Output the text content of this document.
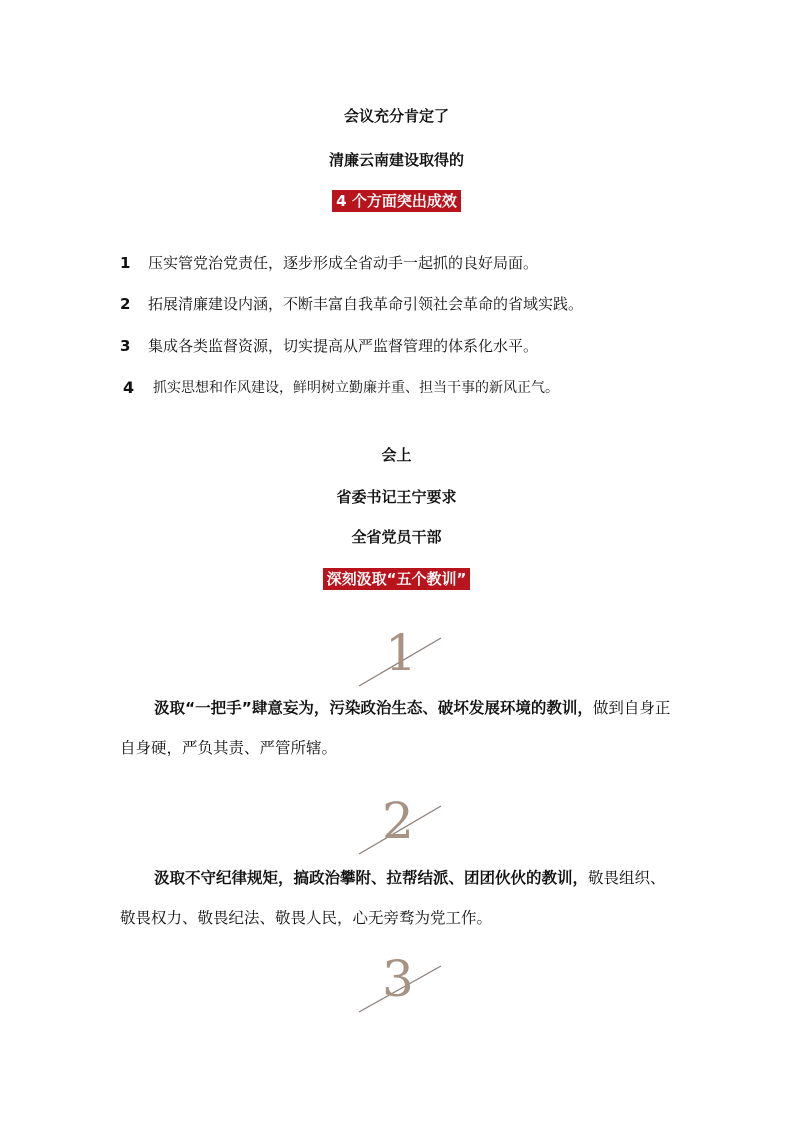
会议充分肯定了
清廉云南建设取得的
4 个方面突出成效
1 压实管党治党责任，逐步形成全省动手一起抓的良好局面。
2 拓展清廉建设内涵，不断丰富自我革命引领社会革命的省域实践。
3 集成各类监督资源，切实提高从严监督管理的体系化水平。
4 抓实思想和作风建设，鲜明树立勤廉并重、担当干事的新风正气。
会上
省委书记王宁要求
全省党员干部
深刻汲取“五个教训”
1
汲取“一把手”肆意妄为，污染政治生态、破坏发展环境的教训，做到自身正自身硬，严负其责、严管所辖。
2
汲取不守纪律规矩，搞政治攀附、拉帮结派、团团伙伙的教训，敬畏组织、敬畏权力、敬畏纪法、敬畏人民，心无旁骛为党工作。
3
